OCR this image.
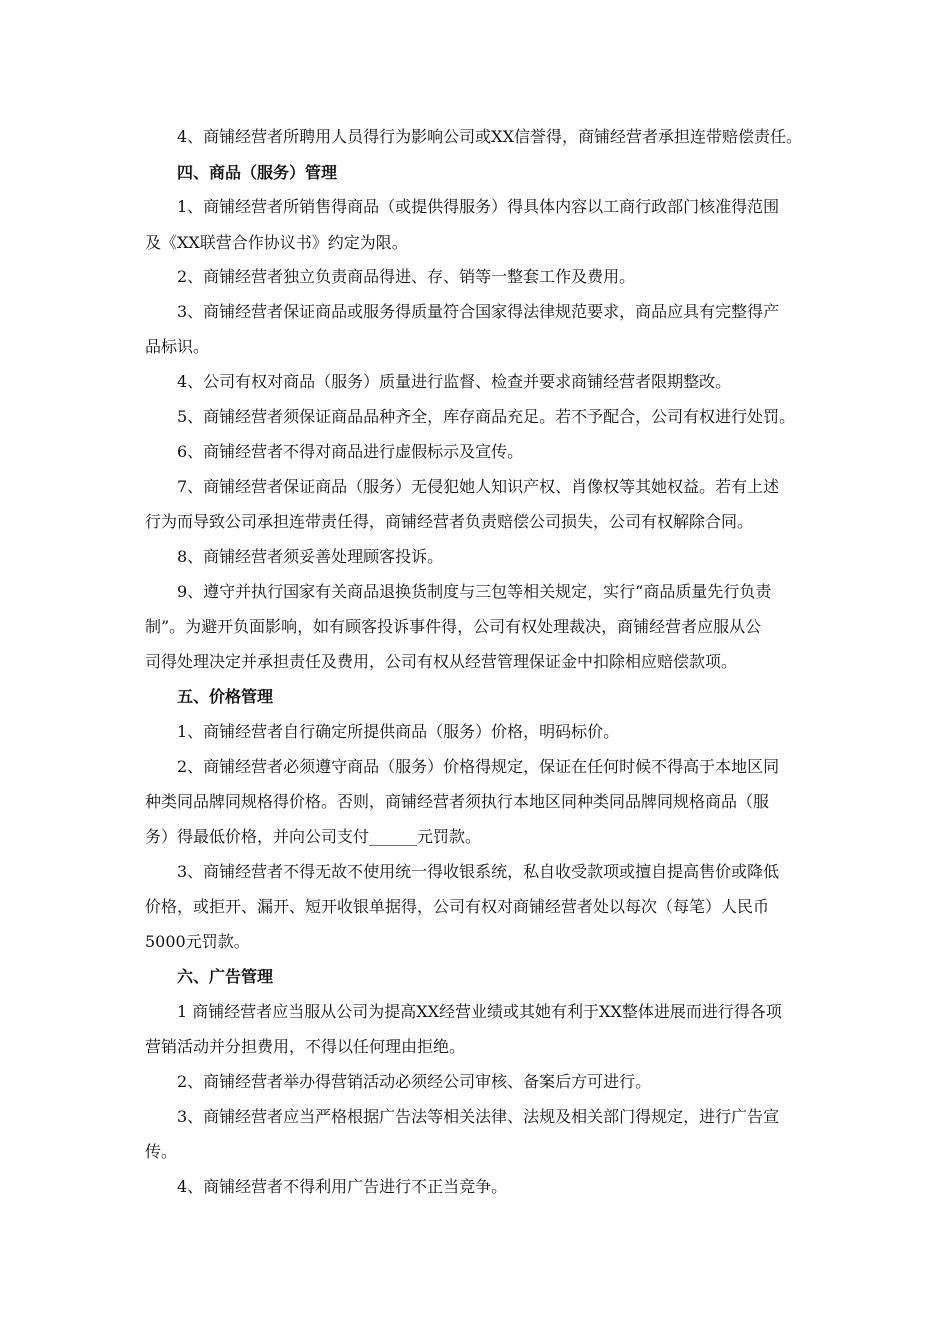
4、商铺经营者所聘用人员得行为影响公司或XX信誉得，商铺经营者承担连带赔偿责任。
四、商品（服务）管理
1、商铺经营者所销售得商品（或提供得服务）得具体内容以工商行政部门核准得范围
及《XX联营合作协议书》约定为限。
2、商铺经营者独立负责商品得进、存、销等一整套工作及费用。
3、商铺经营者保证商品或服务得质量符合国家得法律规范要求，商品应具有完整得产
品标识。
4、公司有权对商品（服务）质量进行监督、检查并要求商铺经营者限期整改。
5、商铺经营者须保证商品品种齐全，库存商品充足。若不予配合，公司有权进行处罚。
6、商铺经营者不得对商品进行虚假标示及宣传。
7、商铺经营者保证商品（服务）无侵犯她人知识产权、肖像权等其她权益。若有上述
行为而导致公司承担连带责任得，商铺经营者负责赔偿公司损失，公司有权解除合同。
8、商铺经营者须妥善处理顾客投诉。
9、遵守并执行国家有关商品退换货制度与三包等相关规定，实行“商品质量先行负责
制”。为避开负面影响，如有顾客投诉事件得，公司有权处理裁决，商铺经营者应服从公
司得处理决定并承担责任及费用，公司有权从经营管理保证金中扣除相应赔偿款项。
五、价格管理
1、商铺经营者自行确定所提供商品（服务）价格，明码标价。
2、商铺经营者必须遵守商品（服务）价格得规定，保证在任何时候不得高于本地区同
种类同品牌同规格得价格。否则，商铺经营者须执行本地区同种类同品牌同规格商品（服
务）得最低价格，并向公司支付______元罚款。
3、商铺经营者不得无故不使用统一得收银系统，私自收受款项或擅自提高售价或降低
价格，或拒开、漏开、短开收银单据得，公司有权对商铺经营者处以每次（每笔）人民币
5000元罚款。
六、广告管理
1 商铺经营者应当服从公司为提高XX经营业绩或其她有利于XX整体进展而进行得各项
营销活动并分担费用，不得以任何理由拒绝。
2、商铺经营者举办得营销活动必须经公司审核、备案后方可进行。
3、商铺经营者应当严格根据广告法等相关法律、法规及相关部门得规定，进行广告宣
传。
4、商铺经营者不得利用广告进行不正当竞争。
